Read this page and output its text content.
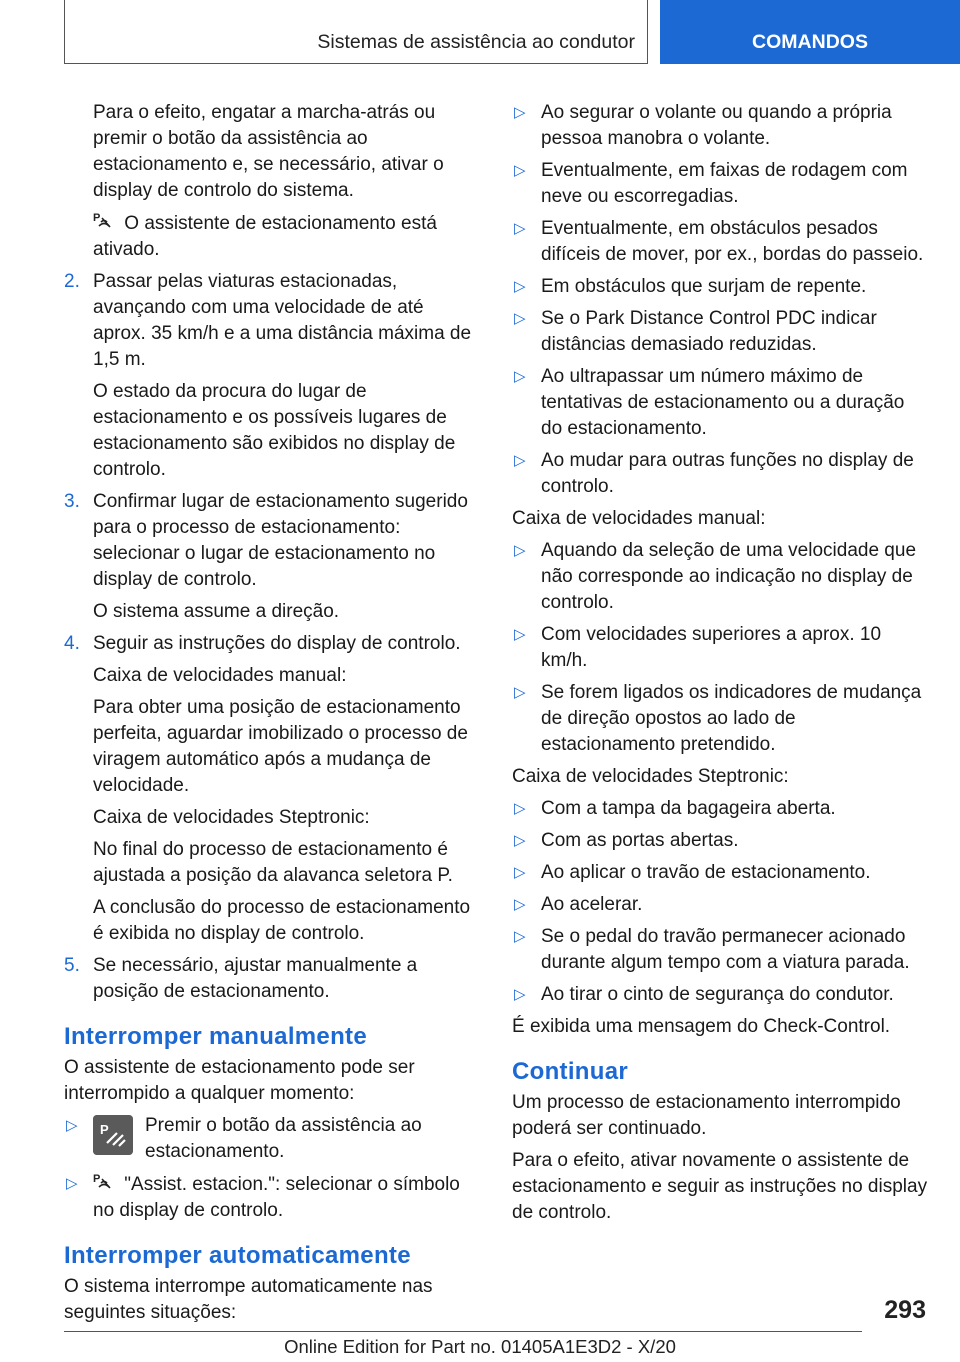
Sistemas de assistência ao condutor	COMANDOS

Para o efeito, engatar a marcha-atrás ou premir o botão da assistência ao estacionamento e, se necessário, ativar o display de controlo do sistema.

P O assistente de estacionamento está ativado.

2. Passar pelas viaturas estacionadas, avançando com uma velocidade de até aprox. 35 km/h e a uma distância máxima de 1,5 m.

O estado da procura do lugar de estacionamento e os possíveis lugares de estacionamento são exibidos no display de controlo.

3. Confirmar lugar de estacionamento sugerido para o processo de estacionamento: selecionar o lugar de estacionamento no display de controlo.

O sistema assume a direção.

4. Seguir as instruções do display de controlo.

Caixa de velocidades manual:

Para obter uma posição de estacionamento perfeita, aguardar imobilizado o processo de viragem automático após a mudança de velocidade.

Caixa de velocidades Steptronic:

No final do processo de estacionamento é ajustada a posição da alavanca seletora P.

A conclusão do processo de estacionamento é exibida no display de controlo.

5. Se necessário, ajustar manualmente a posição de estacionamento.

Interromper manualmente

O assistente de estacionamento pode ser interrompido a qualquer momento:

▷ P Premir o botão da assistência ao estacionamento.
▷ P "Assist. estacion.": selecionar o símbolo no display de controlo.
Interromper automaticamente

O sistema interrompe automaticamente nas seguintes situações:

▷ Ao segurar o volante ou quando a própria pessoa manobra o volante.
▷ Eventualmente, em faixas de rodagem com neve ou escorregadias.
▷ Eventualmente, em obstáculos pesados difíceis de mover, por ex., bordas do passeio.
▷ Em obstáculos que surjam de repente.
▷ Se o Park Distance Control PDC indicar distâncias demasiado reduzidas.
▷ Ao ultrapassar um número máximo de tentativas de estacionamento ou a duração do estacionamento.
▷ Ao mudar para outras funções no display de controlo.

Caixa de velocidades manual:

▷ Aquando da seleção de uma velocidade que não corresponde ao indicação no display de controlo.
▷ Com velocidades superiores a aprox. 10 km/h.
▷ Se forem ligados os indicadores de mudança de direção opostos ao lado de estacionamento pretendido.

Caixa de velocidades Steptronic:

▷ Com a tampa da bagageira aberta.
▷ Com as portas abertas.
▷ Ao aplicar o travão de estacionamento.
▷ Ao acelerar.
▷ Se o pedal do travão permanecer acionado durante algum tempo com a viatura parada.
▷ Ao tirar o cinto de segurança do condutor.

É exibida uma mensagem do Check-Control.

Continuar

Um processo de estacionamento interrompido poderá ser continuado.

Para o efeito, ativar novamente o assistente de estacionamento e seguir as instruções no display de controlo.

293
Online Edition for Part no. 01405A1E3D2 - X/20
